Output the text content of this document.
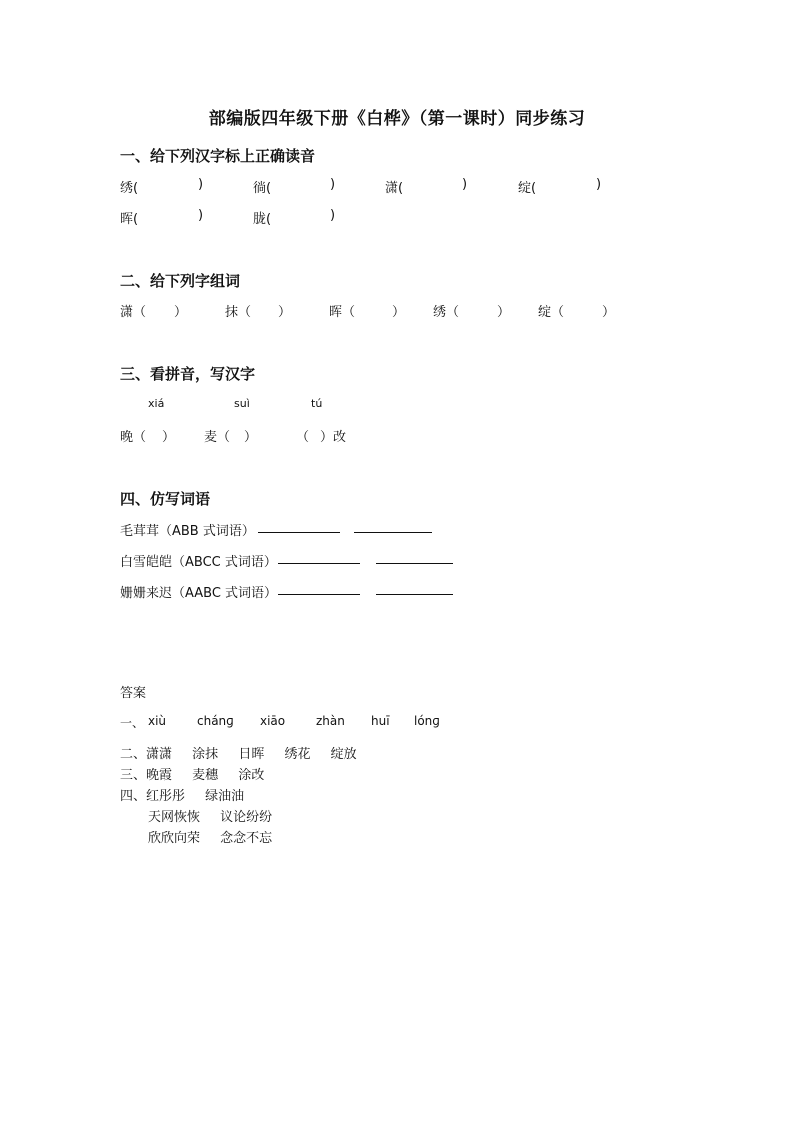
部编版四年级下册《白桦》（第一课时）同步练习
一、给下列汉字标上正确读音
绣(	)	徜(	)	潇(	)	绽(	)
晖(	)	胧(	)
二、给下列字组词
潇（ ）	抹（ ）	晖（	） 绣（	） 绽（	）
三、看拼音，写汉字
xiá	suì	tú
晚（ ） 麦（ ）	（ ）改
四、仿写词语
毛茸茸（ABB 式词语）
白雪皑皑（ABCC 式词语）
姗姗来迟（AABC 式词语）
答案
一、 xiù	chánɡ xiāo	zhàn huī lónɡ
二、潇潇 涂抹 日晖 绣花 绽放
三、晚霞 麦穗 涂改
四、红彤彤 绿油油
天网恢恢 议论纷纷
欣欣向荣 念念不忘
